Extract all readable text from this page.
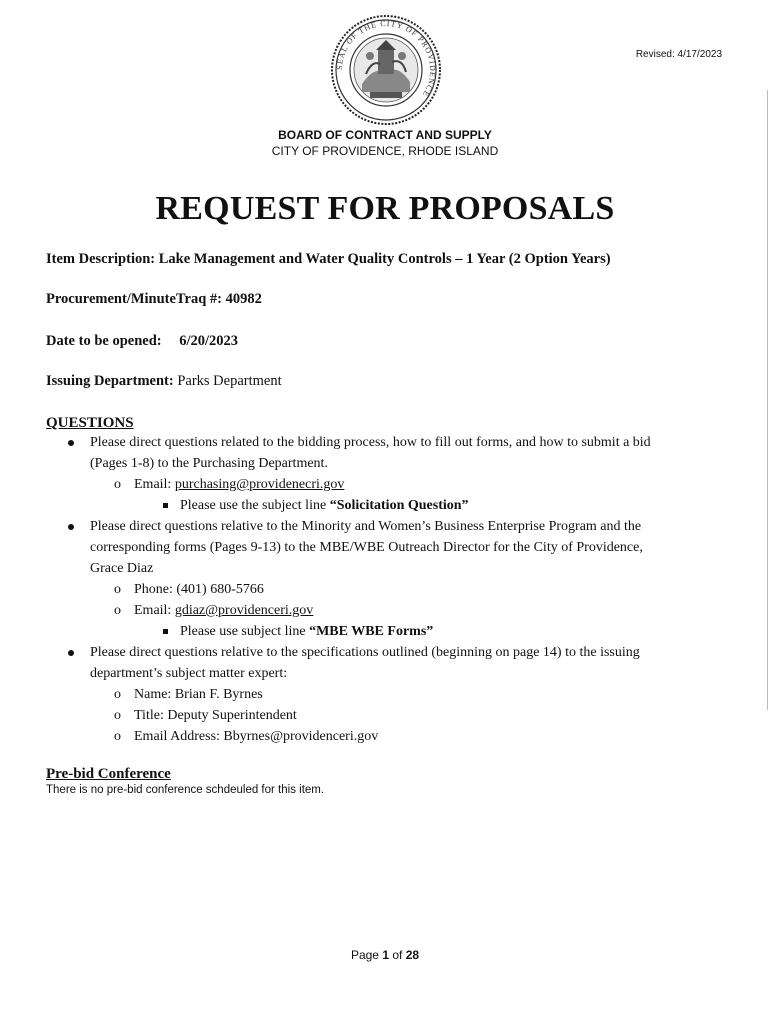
SEAL OF THE CITY OF PROVIDENCE
Revised: 4/17/2023
BOARD OF CONTRACT AND SUPPLY
CITY OF PROVIDENCE, RHODE ISLAND
REQUEST FOR PROPOSALS
Item Description: Lake Management and Water Quality Controls – 1 Year (2 Option Years)
Procurement/MinuteTraq #: 40982
Date to be opened: 6/20/2023
Issuing Department: Parks Department
QUESTIONS
Please direct questions related to the bidding process, how to fill out forms, and how to submit a bid
(Pages 1-8) to the Purchasing Department.
o Email: purchasing@providenecri.gov
Please use the subject line “Solicitation Question”
Please direct questions relative to the Minority and Women’s Business Enterprise Program and the
corresponding forms (Pages 9-13) to the MBE/WBE Outreach Director for the City of Providence,
Grace Diaz
o Phone: (401) 680-5766
o Email: gdiaz@providenceri.gov
Please use subject line “MBE WBE Forms”
Please direct questions relative to the specifications outlined (beginning on page 14) to the issuing
department’s subject matter expert:
o Name: Brian F. Byrnes
o Title: Deputy Superintendent
o Email Address: Bbyrnes@providenceri.gov
Pre-bid Conference

There is no pre-bid conference schdeuled for this item.

Page 1 of 28
